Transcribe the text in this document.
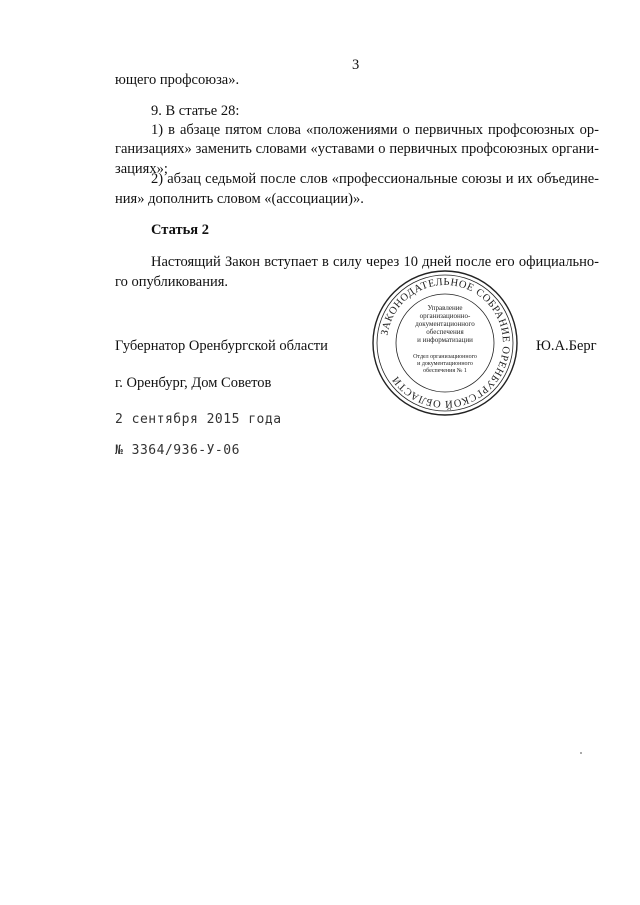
3
ющего профсоюза».
9. В статье 28:
1) в абзаце пятом слова «положениями о первичных профсоюзных ор-
ганизациях» заменить словами «уставами о первичных профсоюзных органи-
зациях»;
2) абзац седьмой после слов «профессиональные союзы и их объедине-
ния» дополнить словом «(ассоциации)».
Статья 2
Настоящий Закон вступает в силу через 10 дней после его официально-
го опубликования.
Губернатор Оренбургской области	Ю.А.Берг
г. Оренбург, Дом Советов
2 сентября 2015 года
№ 3364/936-У-06
ЗАКОНОДАТЕЛЬНОЕ СОБРАНИЕ ОРЕНБУРГСКОЙ ОБЛАСТИ
Управление
организационно-
документационного
обеспечения
и информатизации
Отдел организационного
и документационного
обеспечения № 1
